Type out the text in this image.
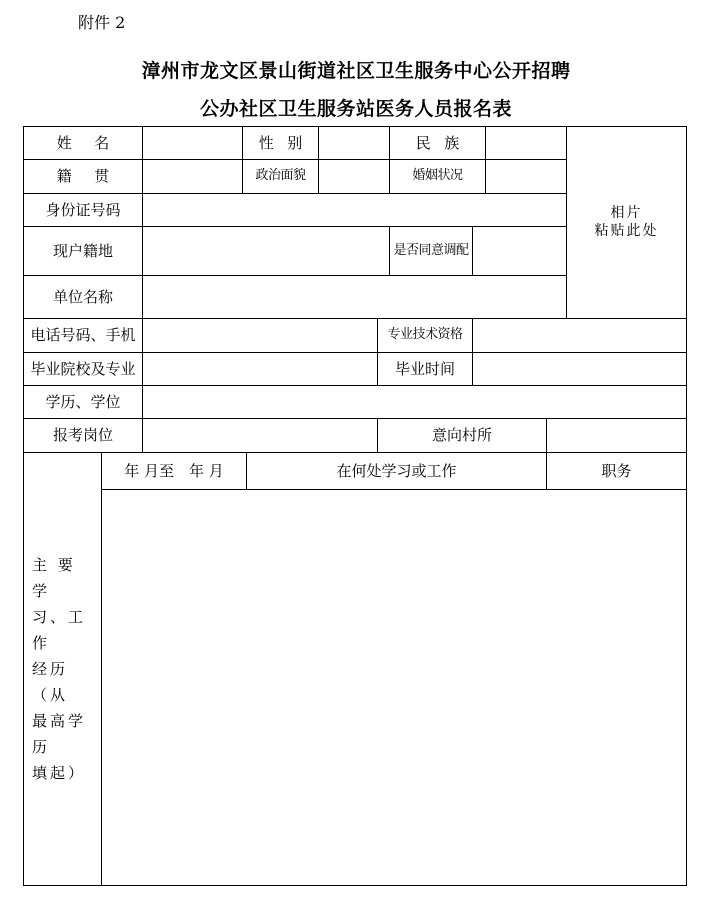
附件 2
漳州市龙文区景山街道社区卫生服务中心公开招聘
公办社区卫生服务站医务人员报名表
姓名	性别	民族
相片
粘贴此处
籍贯	政治面貌	婚姻状况
身份证号码
现户籍地	是否同意调配
单位名称
电话号码、手机	专业技术资格
毕业院校及专业	毕业时间
学历、学位
报考岗位	意向村所
主 要 学
习、工作
经历（从
最高学历
填起）
年 月至　年 月	在何处学习或工作	职务
